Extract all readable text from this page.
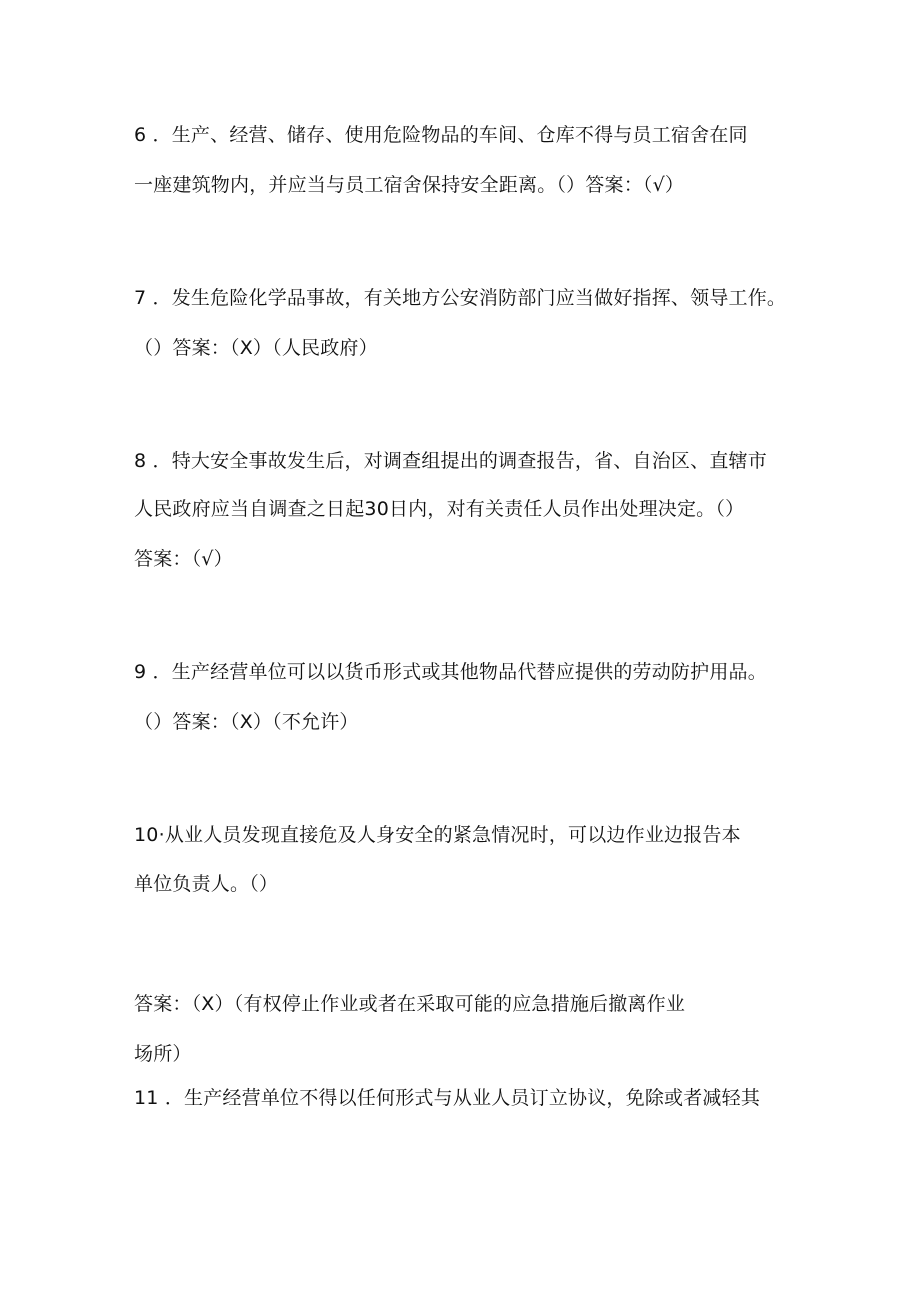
6 ．生产、经营、储存、使用危险物品的车间、仓库不得与员工宿舍在同
一座建筑物内，并应当与员工宿舍保持安全距离。（）答案：（√）
7 ．发生危险化学品事故，有关地方公安消防部门应当做好指挥、领导工作。
（）答案：（X）（人民政府）
8 ．特大安全事故发生后，对调查组提出的调查报告，省、自治区、直辖市
人民政府应当自调查之日起30日内，对有关责任人员作出处理决定。（）
答案：（√）
9 ．生产经营单位可以以货币形式或其他物品代替应提供的劳动防护用品。
（）答案：（X）（不允许）
10·从业人员发现直接危及人身安全的紧急情况时，可以边作业边报告本
单位负责人。（）
答案：（X）（有权停止作业或者在采取可能的应急措施后撤离作业
场所）
11 ．生产经营单位不得以任何形式与从业人员订立协议，免除或者减轻其
